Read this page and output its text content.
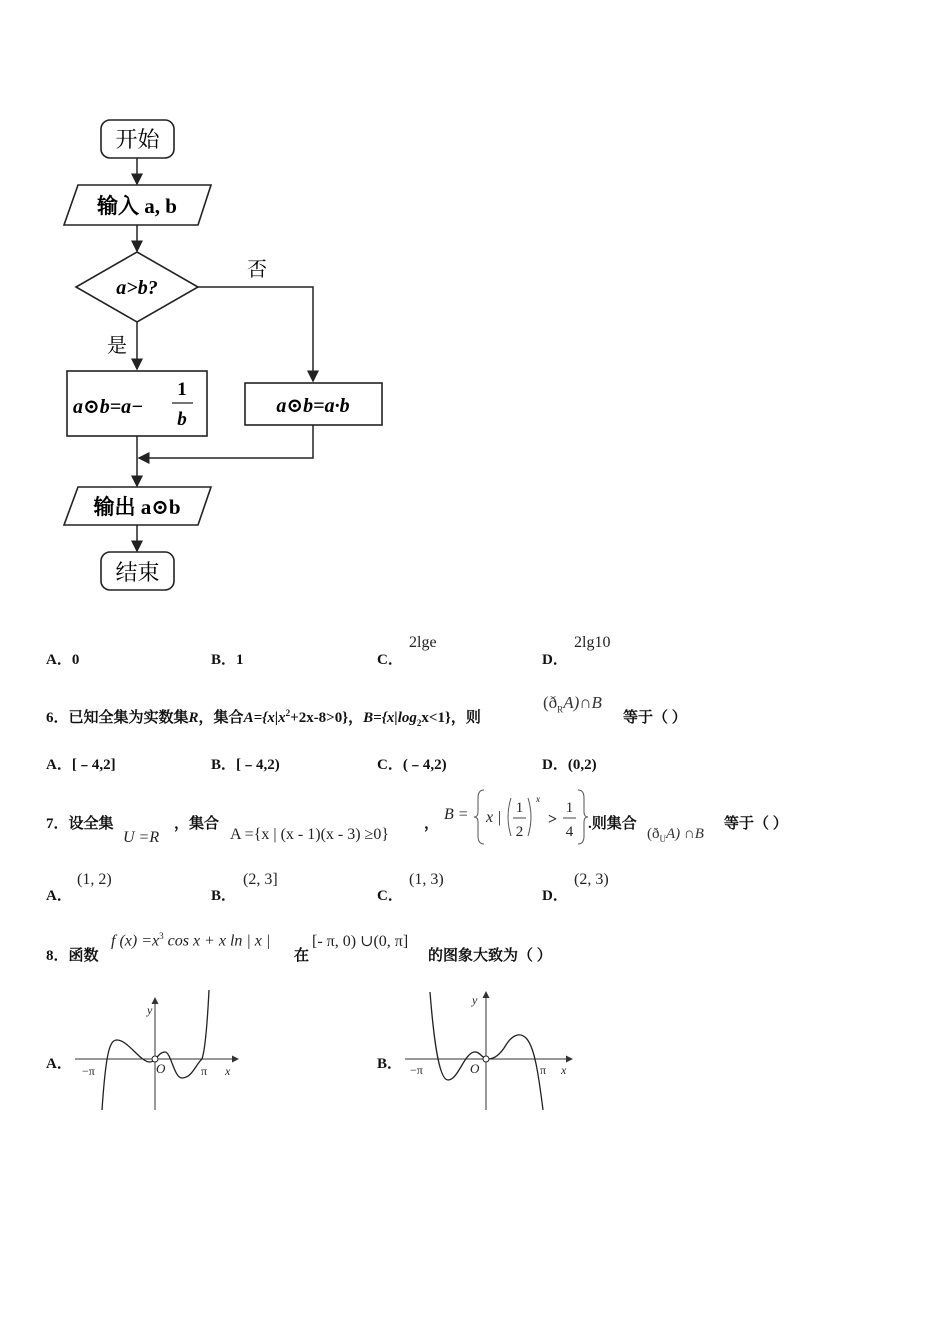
开始
输入 a, b
a>b?
否
是
a⊙b=a−
1
b
a⊙b=a·b
输出 a⊙b
结束
A．0	B．1	C．
2lge
D．
2lg10
6．已知全集为实数集R，集合$A=\{x|x^2+2x-8>0\}$，$B=\{x|\log_2x<1\}$，则
$(ð_RA)\cap B$
等于（ ）
A．[﹣4,2]	B．[﹣4,2)	C．(﹣4,2)	D．(0,2)
7．设全集
U =R
，集合
A ={x | (x - 1)(x - 3) ≥0}
，
B = x |
1
2
x
>
1
4 .则集合
$(ð_UA)$ ∩B
等于（ ）
A．
(1, 2)
B．
(2, 3]
C．
(1, 3)
D．
(2, 3)
8．函数
f $(x) =x^3$ cos x + x ln | x |
在
[- π, 0) ∪(0, π]
的图象大致为（ ）
A．
y
x
O
−π	π	B．
y
x
O
−π	π
